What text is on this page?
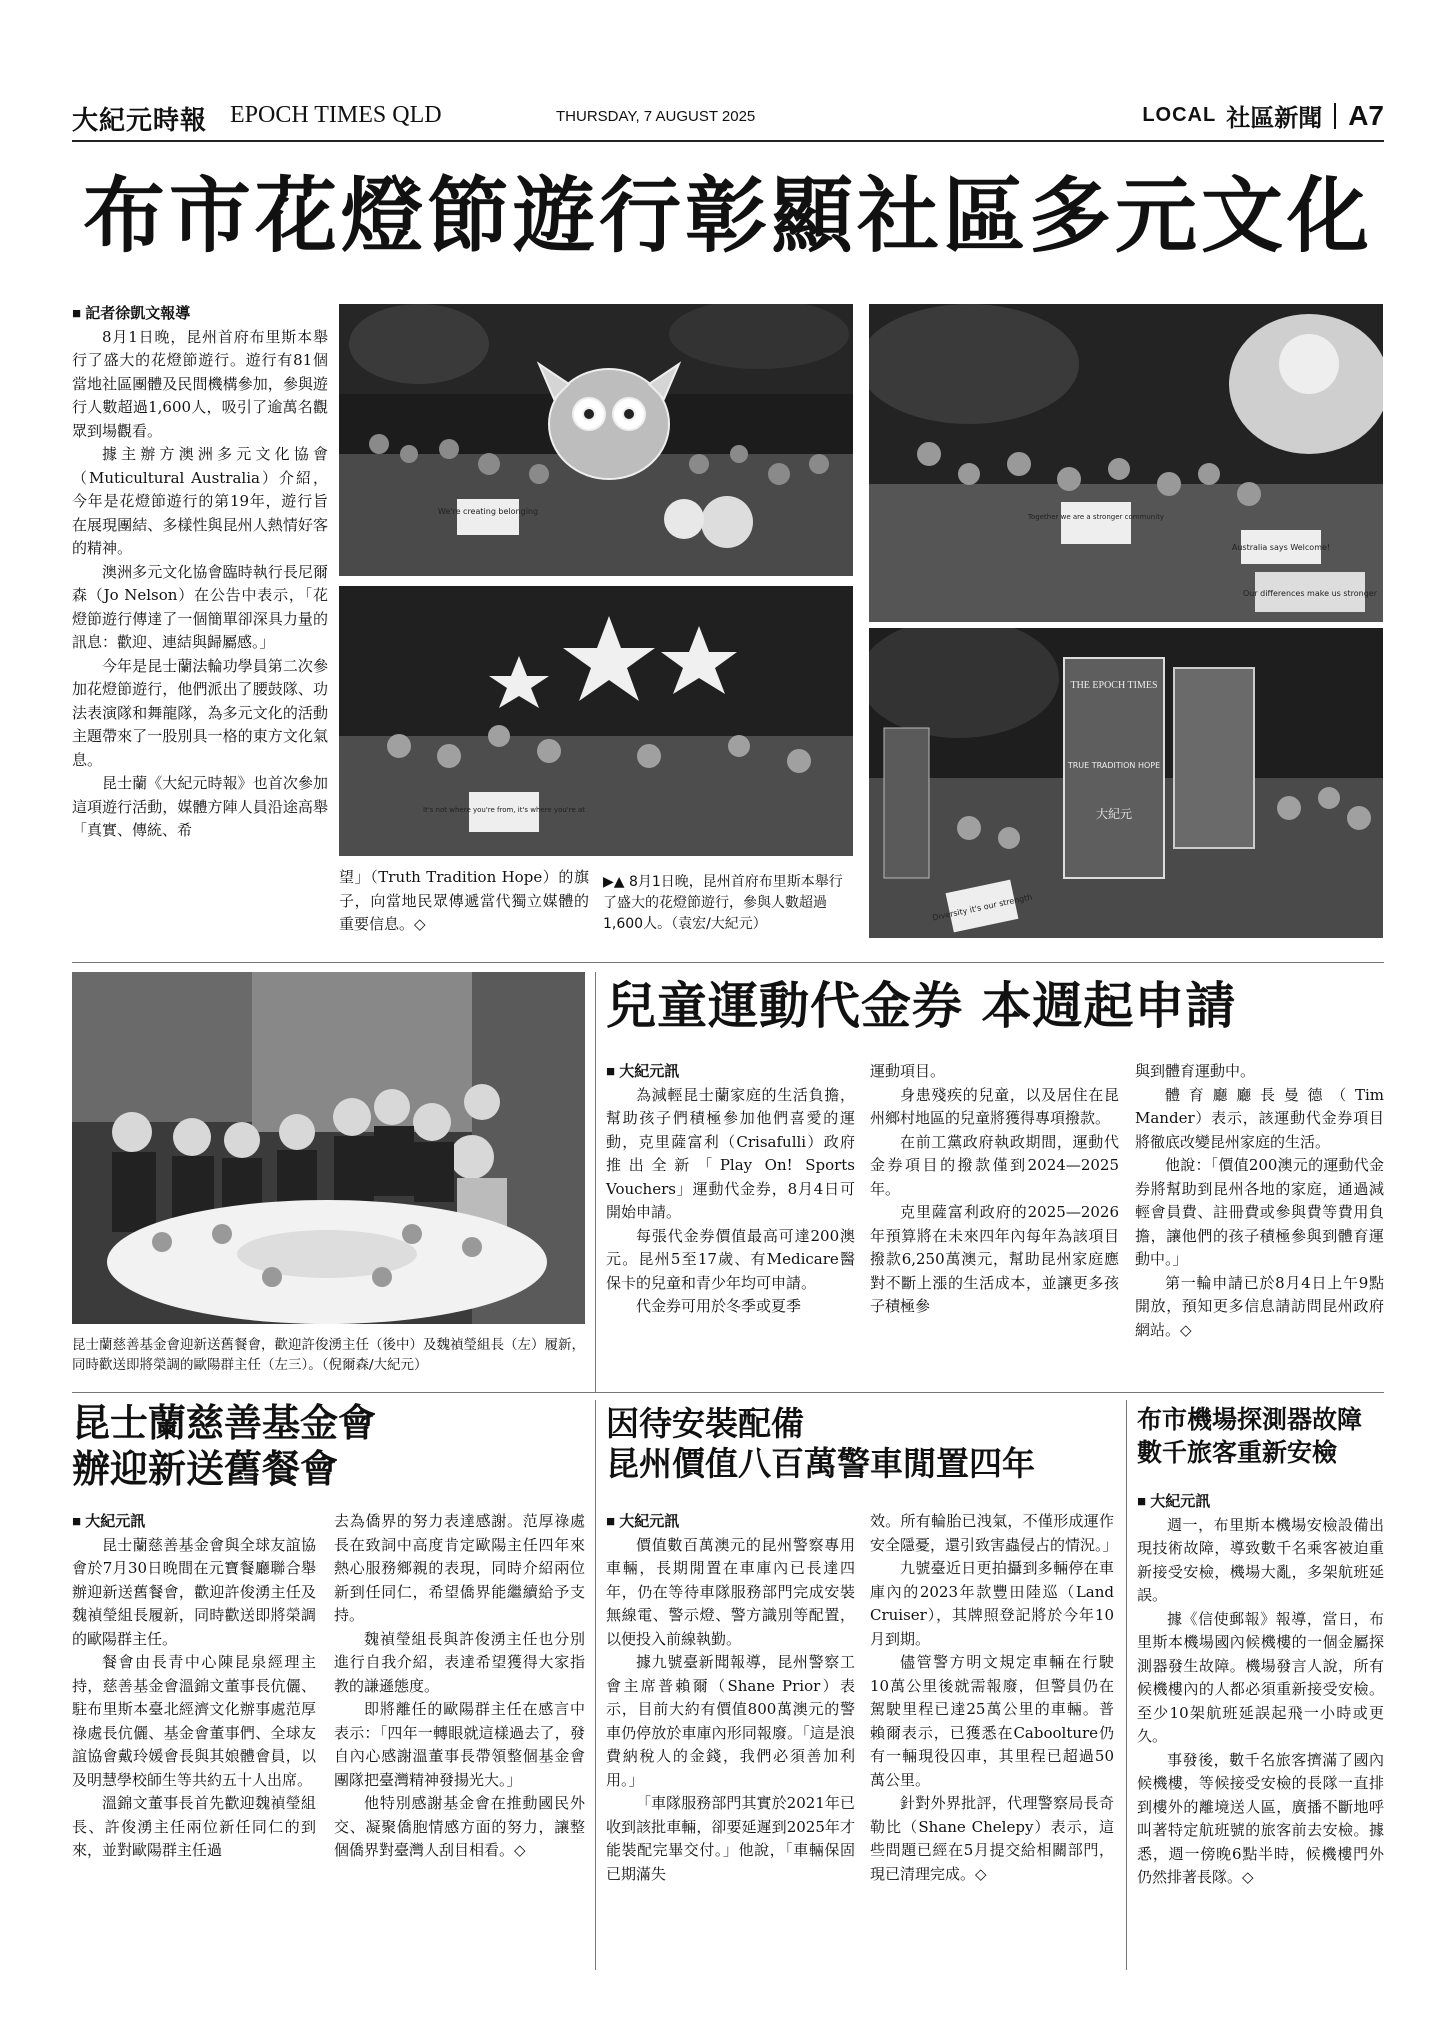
大紀元時報 EPOCH TIMES QLD	THURSDAY, 7 AUGUST 2025	LOCAL 社區新聞 A7
布市花燈節遊行彰顯社區多元文化

■ 記者徐凱文報導

8月1日晚，昆州首府布里斯本舉行了盛大的花燈節遊行。遊行有81個當地社區團體及民間機構參加，參與遊行人數超過1,600人，吸引了逾萬名觀眾到場觀看。

據主辦方澳洲多元文化協會（Muticultural Australia）介紹，今年是花燈節遊行的第19年，遊行旨在展現團結、多樣性與昆州人熱情好客的精神。

澳洲多元文化協會臨時執行長尼爾森（Jo Nelson）在公告中表示，「花燈節遊行傳達了一個簡單卻深具力量的訊息：歡迎、連結與歸屬感。」

今年是昆士蘭法輪功學員第二次參加花燈節遊行，他們派出了腰鼓隊、功法表演隊和舞龍隊，為多元文化的活動主題帶來了一股別具一格的東方文化氣息。

昆士蘭《大紀元時報》也首次參加這項遊行活動，媒體方陣人員沿途高舉「真實、傳統、希

We're creating belonging
Together we are a stronger community
Australia says Welcome!
Our differences make us stronger
It's not where you're from, it's where you're at

望」（Truth Tradition Hope）的旗子，向當地民眾傳遞當代獨立媒體的重要信息。◇

▶▲ 8月1日晚，昆州首府布里斯本舉行了盛大的花燈節遊行，參與人數超過1,600人。（袁宏/大紀元）
THE EPOCH TIMES
TRUE TRADITION HOPE
大紀元
Diversity it's our strength
昆士蘭慈善基金會迎新送舊餐會，歡迎許俊湧主任（後中）及魏禎瑩組長（左）履新，同時歡送即將榮調的歐陽群主任（左三）。（倪爾森/大紀元）
兒童運動代金券 本週起申請

■ 大紀元訊

為減輕昆士蘭家庭的生活負擔，幫助孩子們積極參加他們喜愛的運動，克里薩富利（Crisafulli）政府推出全新「Play On! Sports Vouchers」運動代金券，8月4日可開始申請。

每張代金券價值最高可達200澳元。昆州5至17歲、有Medicare醫保卡的兒童和青少年均可申請。

代金券可用於冬季或夏季

運動項目。

身患殘疾的兒童，以及居住在昆州鄉村地區的兒童將獲得專項撥款。

在前工黨政府執政期間，運動代金券項目的撥款僅到2024—2025年。

克里薩富利政府的2025—2026年預算將在未來四年內每年為該項目撥款6,250萬澳元，幫助昆州家庭應對不斷上漲的生活成本，並讓更多孩子積極參

與到體育運動中。

體育廳廳長曼德（Tim Mander）表示，該運動代金券項目將徹底改變昆州家庭的生活。

他說：「價值200澳元的運動代金券將幫助到昆州各地的家庭，通過減輕會員費、註冊費或參與費等費用負擔，讓他們的孩子積極參與到體育運動中。」

第一輪申請已於8月4日上午9點開放，預知更多信息請訪問昆州政府網站。◇

昆士蘭慈善基金會
辦迎新送舊餐會

■ 大紀元訊

昆士蘭慈善基金會與全球友誼協會於7月30日晚間在元寶餐廳聯合舉辦迎新送舊餐會，歡迎許俊湧主任及魏禎瑩組長履新，同時歡送即將榮調的歐陽群主任。

餐會由長青中心陳昆泉經理主持，慈善基金會溫錦文董事長伉儷、駐布里斯本臺北經濟文化辦事處范厚祿處長伉儷、基金會董事們、全球友誼協會戴玲媛會長與其娘體會員，以及明慧學校師生等共約五十人出席。

溫錦文董事長首先歡迎魏禎瑩組長、許俊湧主任兩位新任同仁的到來，並對歐陽群主任過

去為僑界的努力表達感謝。范厚祿處長在致詞中高度肯定歐陽主任四年來熱心服務鄉親的表現，同時介紹兩位新到任同仁，希望僑界能繼續給予支持。

魏禎瑩組長與許俊湧主任也分別進行自我介紹，表達希望獲得大家指教的謙遜態度。

即將離任的歐陽群主任在感言中表示：「四年一轉眼就這樣過去了，發自內心感謝溫董事長帶領整個基金會團隊把臺灣精神發揚光大。」

他特別感謝基金會在推動國民外交、凝聚僑胞情感方面的努力，讓整個僑界對臺灣人刮目相看。◇

因待安裝配備
昆州價值八百萬警車閒置四年

■ 大紀元訊

價值數百萬澳元的昆州警察專用車輛，長期閒置在車庫內已長達四年，仍在等待車隊服務部門完成安裝無線電、警示燈、警方識別等配置，以便投入前線執勤。

據九號臺新聞報導，昆州警察工會主席普賴爾（Shane Prior）表示，目前大約有價值800萬澳元的警車仍停放於車庫內形同報廢。「這是浪費納稅人的金錢，我們必須善加利用。」

「車隊服務部門其實於2021年已收到該批車輛，卻要延遲到2025年才能裝配完畢交付。」他說，「車輛保固已期滿失

效。所有輪胎已洩氣，不僅形成運作安全隱憂，還引致害蟲侵占的情況。」

九號臺近日更拍攝到多輛停在車庫內的2023年款豐田陸巡（Land Cruiser），其牌照登記將於今年10月到期。

儘管警方明文規定車輛在行駛10萬公里後就需報廢，但警員仍在駕駛里程已達25萬公里的車輛。普賴爾表示，已獲悉在Caboolture仍有一輛現役囚車，其里程已超過50萬公里。

針對外界批評，代理警察局長奇勒比（Shane Chelepy）表示，這些問題已經在5月提交給相關部門，現已清理完成。◇

布市機場探測器故障
數千旅客重新安檢

■ 大紀元訊

週一，布里斯本機場安檢設備出現技術故障，導致數千名乘客被迫重新接受安檢，機場大亂，多架航班延誤。

據《信使郵報》報導，當日，布里斯本機場國內候機樓的一個金屬探測器發生故障。機場發言人說，所有候機樓內的人都必須重新接受安檢。至少10架航班延誤起飛一小時或更久。

事發後，數千名旅客擠滿了國內候機樓，等候接受安檢的長隊一直排到樓外的離境送人區，廣播不斷地呼叫著特定航班號的旅客前去安檢。據悉，週一傍晚6點半時，候機樓門外仍然排著長隊。◇
